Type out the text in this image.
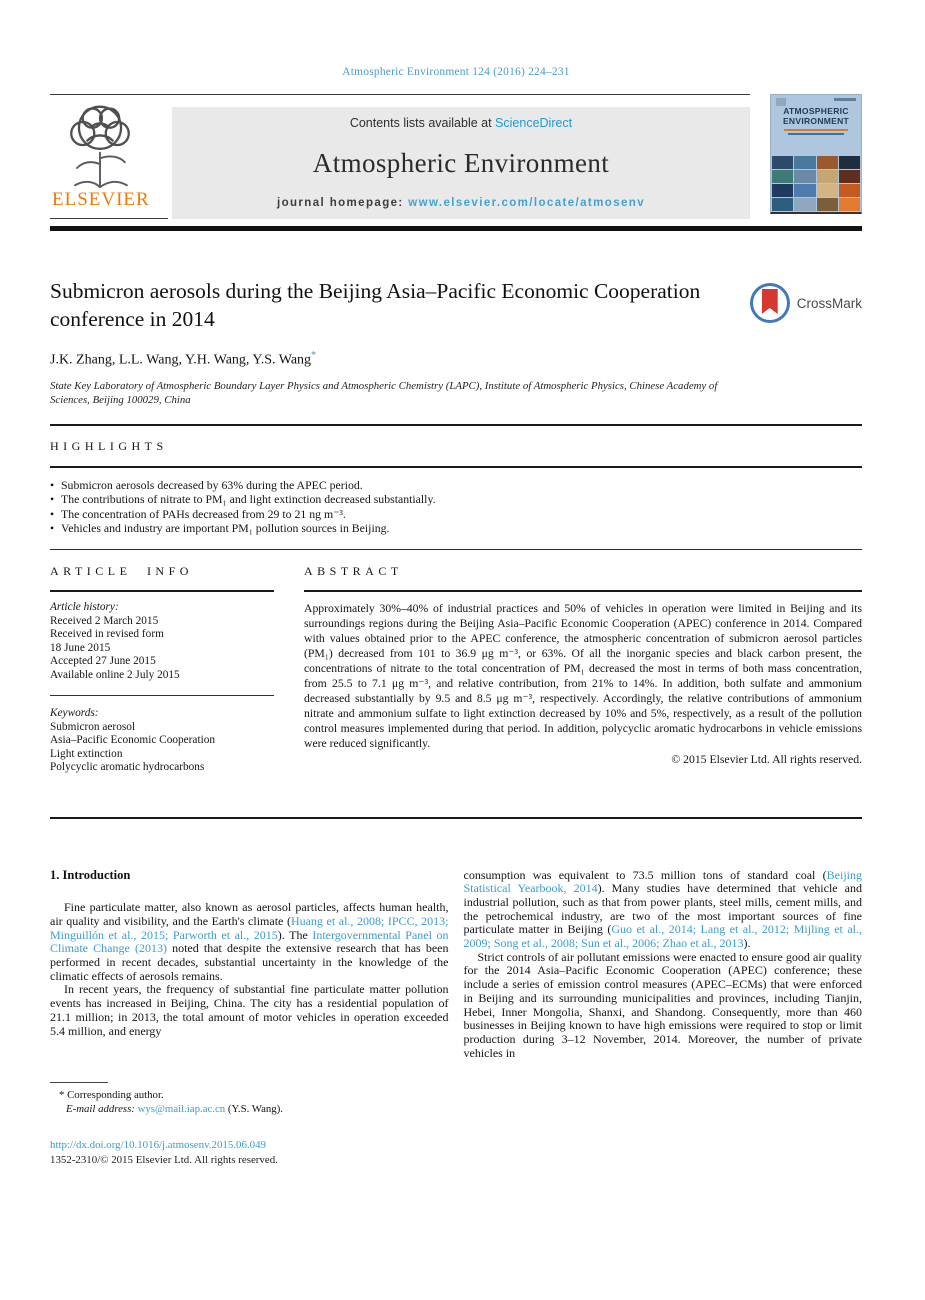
Atmospheric Environment 124 (2016) 224–231
ELSEVIER
Contents lists available at ScienceDirect
Atmospheric Environment
journal homepage: www.elsevier.com/locate/atmosenv
ATMOSPHERIC ENVIRONMENT
Submicron aerosols during the Beijing Asia–Pacific Economic Cooperation conference in 2014
CrossMark
J.K. Zhang, L.L. Wang, Y.H. Wang, Y.S. Wang*
State Key Laboratory of Atmospheric Boundary Layer Physics and Atmospheric Chemistry (LAPC), Institute of Atmospheric Physics, Chinese Academy of Sciences, Beijing 100029, China
HIGHLIGHTS
• Submicron aerosols decreased by 63% during the APEC period.
• The contributions of nitrate to PM₁ and light extinction decreased substantially.
• The concentration of PAHs decreased from 29 to 21 ng m⁻³.
• Vehicles and industry are important PM₁ pollution sources in Beijing.
ARTICLE INFO
Article history:
Received 2 March 2015
Received in revised form
18 June 2015
Accepted 27 June 2015
Available online 2 July 2015
Keywords:
Submicron aerosol
Asia–Pacific Economic Cooperation
Light extinction
Polycyclic aromatic hydrocarbons
ABSTRACT

Approximately 30%–40% of industrial practices and 50% of vehicles in operation were limited in Beijing and its surroundings regions during the Beijing Asia–Pacific Economic Cooperation (APEC) conference in 2014. Compared with values obtained prior to the APEC conference, the atmospheric concentration of submicron aerosol particles (PM₁) decreased from 101 to 36.9 μg m⁻³, or 63%. Of all the inorganic species and black carbon present, the concentrations of nitrate to the total concentration of PM₁ decreased the most in terms of both mass concentration, from 25.5 to 7.1 μg m⁻³, and relative contribution, from 21% to 14%. In addition, both sulfate and ammonium decreased substantially by 9.5 and 8.5 μg m⁻³, respectively. Accordingly, the relative contributions of ammonium nitrate and ammonium sulfate to light extinction decreased by 10% and 5%, respectively, as a result of the pollution control measures implemented during that period. In addition, polycyclic aromatic hydrocarbons in vehicle emissions were reduced significantly.

© 2015 Elsevier Ltd. All rights reserved.
1. Introduction

Fine particulate matter, also known as aerosol particles, affects human health, air quality and visibility, and the Earth's climate (Huang et al., 2008; IPCC, 2013; Minguillón et al., 2015; Parworth et al., 2015). The Intergovernmental Panel on Climate Change (2013) noted that despite the extensive research that has been performed in recent decades, substantial uncertainty in the knowledge of the climatic effects of aerosols remains.

In recent years, the frequency of substantial fine particulate matter pollution events has increased in Beijing, China. The city has a residential population of 21.1 million; in 2013, the total amount of motor vehicles in operation exceeded 5.4 million, and energy

* Corresponding author.
E-mail address: wys@mail.iap.ac.cn (Y.S. Wang).

consumption was equivalent to 73.5 million tons of standard coal (Beijing Statistical Yearbook, 2014). Many studies have determined that vehicle and industrial pollution, such as that from power plants, steel mills, cement mills, and the petrochemical industry, are two of the most important sources of fine particulate matter in Beijing (Guo et al., 2014; Lang et al., 2012; Mijling et al., 2009; Song et al., 2008; Sun et al., 2006; Zhao et al., 2013).

Strict controls of air pollutant emissions were enacted to ensure good air quality for the 2014 Asia–Pacific Economic Cooperation (APEC) conference; these include a series of emission control measures (APEC–ECMs) that were enforced in Beijing and its surrounding municipalities and provinces, including Tianjin, Hebei, Inner Mongolia, Shanxi, and Shandong. Consequently, more than 460 businesses in Beijing known to have high emissions were required to stop or limit production during 3–12 November, 2014. Moreover, the number of private vehicles in

http://dx.doi.org/10.1016/j.atmosenv.2015.06.049
1352-2310/© 2015 Elsevier Ltd. All rights reserved.
